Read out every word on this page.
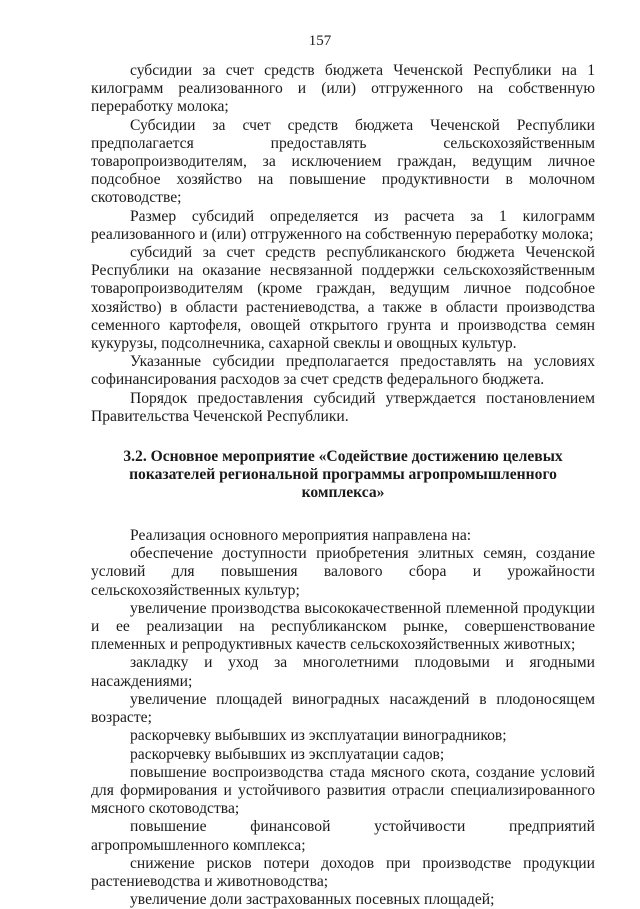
157

субсидии за счет средств бюджета Чеченской Республики на 1 килограмм реализованного и (или) отгруженного на собственную переработку молока;

Субсидии за счет средств бюджета Чеченской Республики предполагается предоставлять сельскохозяйственным товаропроизводителям, за исключением граждан, ведущим личное подсобное хозяйство на повышение продуктивности в молочном скотоводстве;

Размер субсидий определяется из расчета за 1 килограмм реализованного и (или) отгруженного на собственную переработку молока;

субсидий за счет средств республиканского бюджета Чеченской Республики на оказание несвязанной поддержки сельскохозяйственным товаропроизводителям (кроме граждан, ведущим личное подсобное хозяйство) в области растениеводства, а также в области производства семенного картофеля, овощей открытого грунта и производства семян кукурузы, подсолнечника, сахарной свеклы и овощных культур.

Указанные субсидии предполагается предоставлять на условиях софинансирования расходов за счет средств федерального бюджета.

Порядок предоставления субсидий утверждается постановлением Правительства Чеченской Республики.

3.2. Основное мероприятие «Содействие достижению целевых
показателей региональной программы агропромышленного комплекса»

Реализация основного мероприятия направлена на:

обеспечение доступности приобретения элитных семян, создание условий для повышения валового сбора и урожайности сельскохозяйственных культур;

увеличение производства высококачественной племенной продукции и ее реализации на республиканском рынке, совершенствование племенных и репродуктивных качеств сельскохозяйственных животных;

закладку и уход за многолетними плодовыми и ягодными насаждениями;

увеличение площадей виноградных насаждений в плодоносящем возрасте;

раскорчевку выбывших из эксплуатации виноградников;

раскорчевку выбывших из эксплуатации садов;

повышение воспроизводства стада мясного скота, создание условий для формирования и устойчивого развития отрасли специализированного мясного скотоводства;

повышение финансовой устойчивости предприятий агропромышленного комплекса;

снижение рисков потери доходов при производстве продукции растениеводства и животноводства;

увеличение доли застрахованных посевных площадей;
